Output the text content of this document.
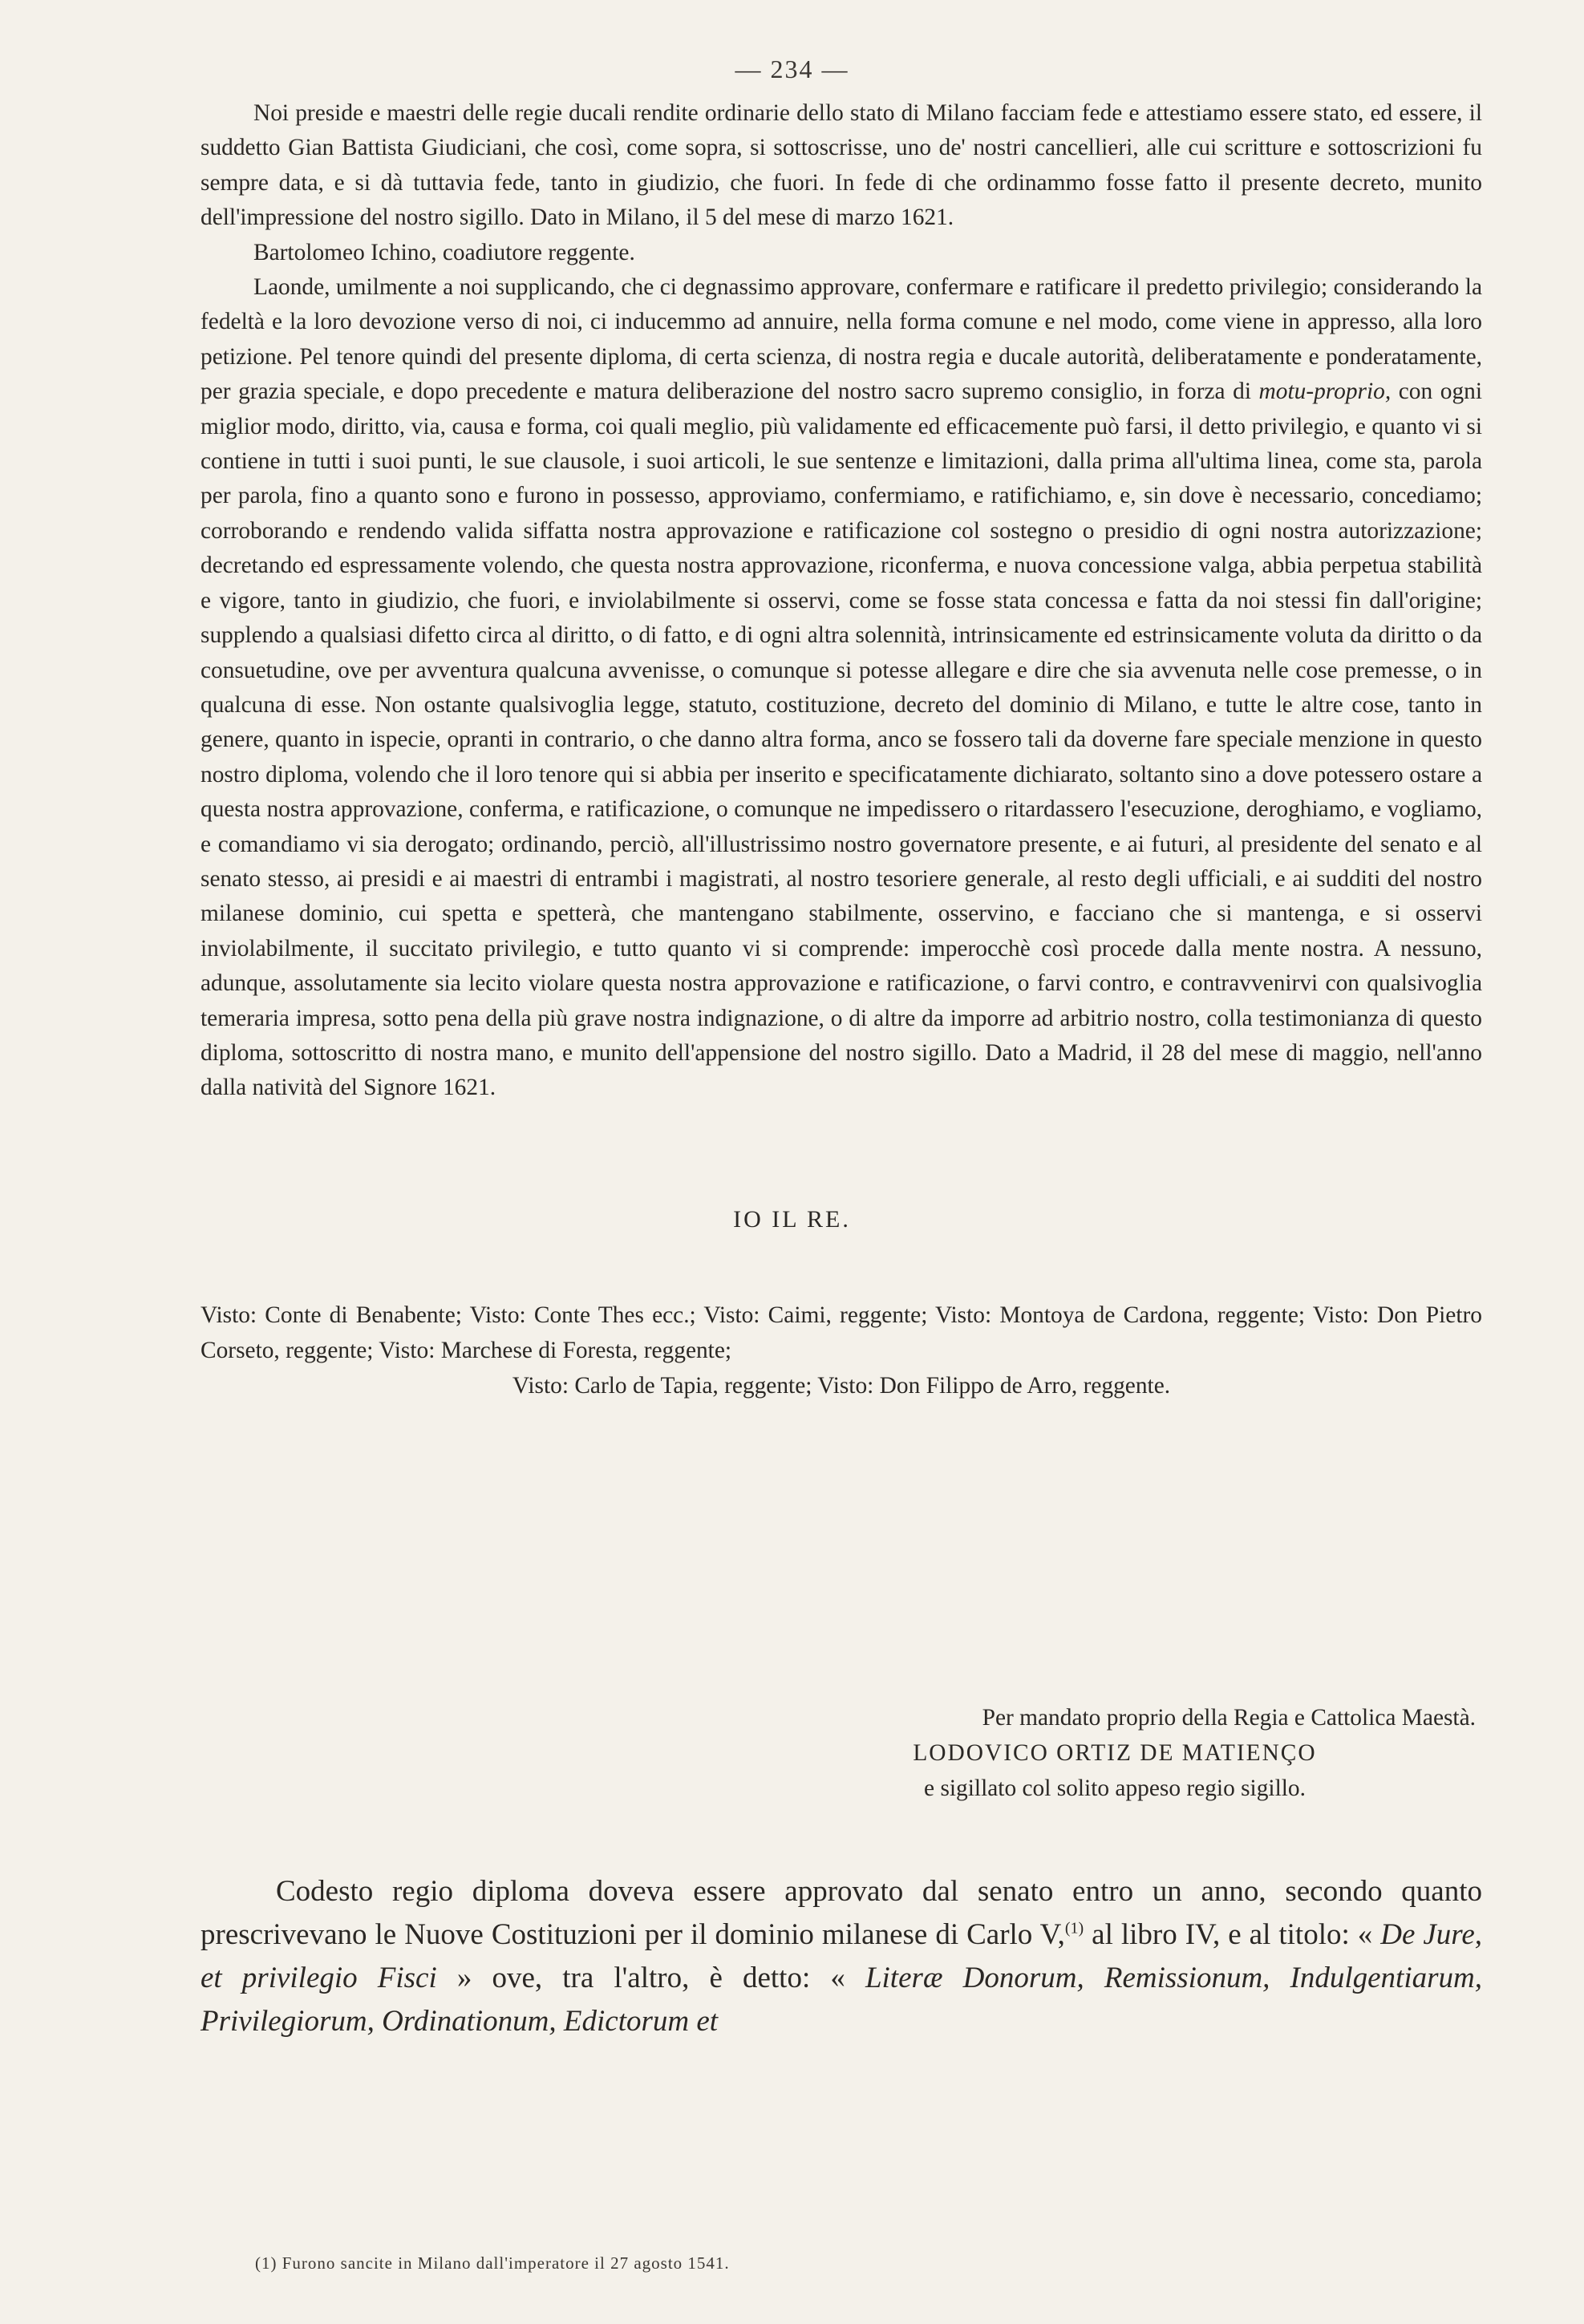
— 234 —

Noi preside e maestri delle regie ducali rendite ordinarie dello stato di Milano facciam fede e attestiamo essere stato, ed essere, il suddetto Gian Battista Giudiciani, che così, come sopra, si sottoscrisse, uno de' nostri cancellieri, alle cui scritture e sottoscrizioni fu sempre data, e si dà tuttavia fede, tanto in giudizio, che fuori. In fede di che ordinammo fosse fatto il presente decreto, munito dell'impressione del nostro sigillo. Dato in Milano, il 5 del mese di marzo 1621.

Bartolomeo Ichino, coadiutore reggente.

Laonde, umilmente a noi supplicando, che ci degnassimo approvare, confermare e ratificare il predetto privilegio; considerando la fedeltà e la loro devozione verso di noi, ci inducemmo ad annuire, nella forma comune e nel modo, come viene in appresso, alla loro petizione. Pel tenore quindi del presente diploma, di certa scienza, di nostra regia e ducale autorità, deliberatamente e ponderatamente, per grazia speciale, e dopo precedente e matura deliberazione del nostro sacro supremo consiglio, in forza di motu-proprio, con ogni miglior modo, diritto, via, causa e forma, coi quali meglio, più validamente ed efficacemente può farsi, il detto privilegio, e quanto vi si contiene in tutti i suoi punti, le sue clausole, i suoi articoli, le sue sentenze e limitazioni, dalla prima all'ultima linea, come sta, parola per parola, fino a quanto sono e furono in possesso, approviamo, confermiamo, e ratifichiamo, e, sin dove è necessario, concediamo; corroborando e rendendo valida siffatta nostra approvazione e ratificazione col sostegno o presidio di ogni nostra autorizzazione; decretando ed espressamente volendo, che questa nostra approvazione, riconferma, e nuova concessione valga, abbia perpetua stabilità e vigore, tanto in giudizio, che fuori, e inviolabilmente si osservi, come se fosse stata concessa e fatta da noi stessi fin dall'origine; supplendo a qualsiasi difetto circa al diritto, o di fatto, e di ogni altra solennità, intrinsicamente ed estrinsicamente voluta da diritto o da consuetudine, ove per avventura qualcuna avvenisse, o comunque si potesse allegare e dire che sia avvenuta nelle cose premesse, o in qualcuna di esse. Non ostante qualsivoglia legge, statuto, costituzione, decreto del dominio di Milano, e tutte le altre cose, tanto in genere, quanto in ispecie, opranti in contrario, o che danno altra forma, anco se fossero tali da doverne fare speciale menzione in questo nostro diploma, volendo che il loro tenore qui si abbia per inserito e specificatamente dichiarato, soltanto sino a dove potessero ostare a questa nostra approvazione, conferma, e ratificazione, o comunque ne impedissero o ritardassero l'esecuzione, deroghiamo, e vogliamo, e comandiamo vi sia derogato; ordinando, perciò, all'illustrissimo nostro governatore presente, e ai futuri, al presidente del senato e al senato stesso, ai presidi e ai maestri di entrambi i magistrati, al nostro tesoriere generale, al resto degli ufficiali, e ai sudditi del nostro milanese dominio, cui spetta e spetterà, che mantengano stabilmente, osservino, e facciano che si mantenga, e si osservi inviolabilmente, il succitato privilegio, e tutto quanto vi si comprende: imperocchè così procede dalla mente nostra. A nessuno, adunque, assolutamente sia lecito violare questa nostra approvazione e ratificazione, o farvi contro, e contravvenirvi con qualsivoglia temeraria impresa, sotto pena della più grave nostra indignazione, o di altre da imporre ad arbitrio nostro, colla testimonianza di questo diploma, sottoscritto di nostra mano, e munito dell'appensione del nostro sigillo. Dato a Madrid, il 28 del mese di maggio, nell'anno dalla natività del Signore 1621.

IO IL RE.

Visto: Conte di Benabente; Visto: Conte Thes ecc.; Visto: Caimi, reggente; Visto: Montoya de Cardona, reggente; Visto: Don Pietro Corseto, reggente; Visto: Marchese di Foresta, reggente;

Visto: Carlo de Tapia, reggente; Visto: Don Filippo de Arro, reggente.

Per mandato proprio della Regia e Cattolica Maestà.
LODOVICO ORTIZ DE MATIENÇO
e sigillato col solito appeso regio sigillo.

Codesto regio diploma doveva essere approvato dal senato entro un anno, secondo quanto prescrivevano le Nuove Costituzioni per il dominio milanese di Carlo V,$^{(1)}$ al libro IV, e al titolo: « De Jure, et privilegio Fisci » ove, tra l'altro, è detto: « Literæ Donorum, Remissionum, Indulgentiarum, Privilegiorum, Ordinationum, Edictorum et

(1) Furono sancite in Milano dall'imperatore il 27 agosto 1541.
